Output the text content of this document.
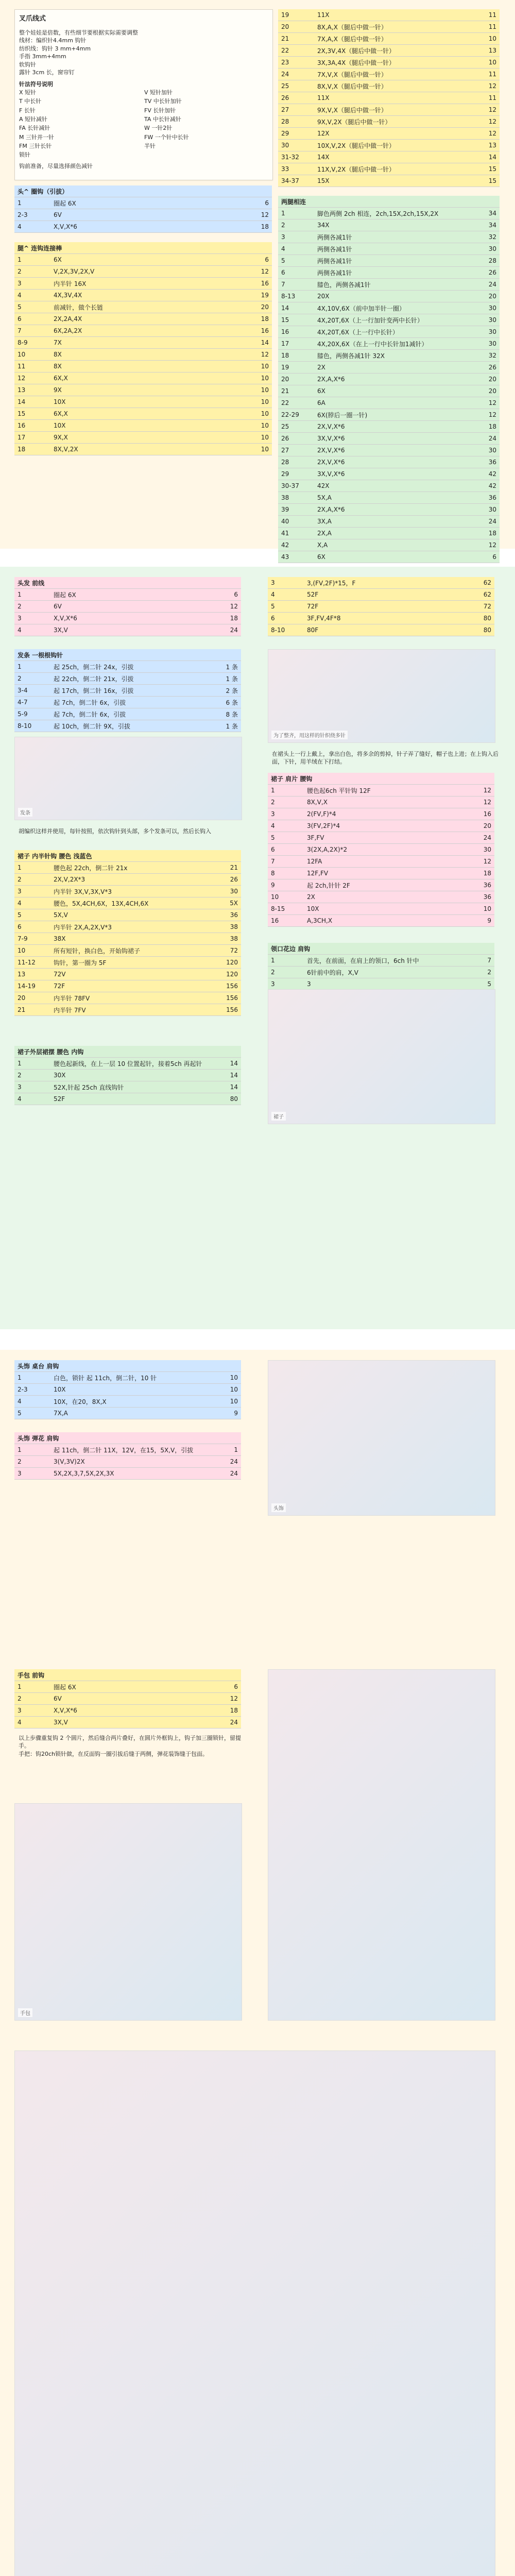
叉爪线式
整个娃娃是倍数，有些细节要根据实际需要调整
线材：编织针4.4mm 钩针
纺织线：钩针 3 mm+4mm
手指 3mm+4mm
软钩针
露针 3cm 长，窗帘钉
针法符号说明
X 短针	V 短针加针
T 中长针	TV 中长针加针
F 长针	FV 长针加针
A 短针减针	TA 中长针减针
FA 长针减针	W 一针2针
M 三针并一针	FW 一个针中长针
FM 三针长针	半针
锁针
钩前准备，尽量选择颜色减针
头^ 圈钩（引拔）
1	圈起 6X	6
2-3	6V	12
4	X,V,X*6	18
腿^ 连钩连接棒
1	6X	6
2	V,2X,3V,2X,V	12
3	内半针 16X	16
4	4X,3V,4X	19
5	前减针，做个长链	20
6	2X,2A,4X	18
7	6X,2A,2X	16
8-9	7X	14
10	8X	12
11	8X	10
12	6X,X	10
13	9X	10
14	10X	10
15	6X,X	10
16	10X	10
17	9X,X	10
18	8X,V,2X	10
19	11X	11
20	8X,A,X（腿后中做一针）	11
21	7X,A,X（腿后中做一针）	10
22	2X,3V,4X（腿后中做一针）	13
23	3X,3A,4X（腿后中做一针）	10
24	7X,V,X（腿后中做一针）	11
25	8X,V,X（腿后中做一针）	12
26	11X	11
27	9X,V,X（腿后中做一针）	12
28	9X,V,2X（腿后中做一针）	12
29	12X	12
30	10X,V,2X（腿后中做一针）	13
31-32	14X	14
33	11X,V,2X（腿后中做一针）	15
34-37	15X	15
两腿相连
1	脚色两侧 2ch 相连，2ch,15X,2ch,15X,2X	34
2	34X	34
3	两侧各减1针	32
4	两侧各减1针	30
5	两侧各减1针	28
6	两侧各减1针	26
7	膝色，两侧各减1针	24
8-13	20X	20
14	4X,10V,6X（前中加半针一圈）	30
15	4X,20T,6X（上一行加针变两中长针）	30
16	4X,20T,6X（上一行中长针）	30
17	4X,20X,6X（在上一行中长针加1减针）	30
18	膝色，两侧各减1针 32X	32
19	2X	26
20	2X,A,X*6	20
21	6X	20
22	6A	12
22-29	6X(脖后一圈一针)	12
25	2X,V,X*6	18
26	3X,V,X*6	24
27	2X,V,X*6	30
28	2X,V,X*6	36
29	3X,V,X*6	42
30-37	42X	42
38	5X,A	36
39	2X,A,X*6	30
40	3X,A	24
41	2X,A	18
42	X,A	12
43	6X	6
头发 前线
1	圈起 6X	6
2	6V	12
3	X,V,X*6	18
4	3X,V	24
发条 一根根钩针
1	起 25ch，倒二针 24x，引拔	1 条
2	起 22ch，倒二针 21x，引拔	1 条
3-4	起 17ch，倒二针 16x，引拔	2 条
4-7	起 7ch，倒二针 6x，引拔	6 条
5-9	起 7ch，倒二针 6x，引拔	8 条
8-10	起 10ch，倒二针 9X，引拔	1 条
发条
胡编织这样并使用，每针按照，依次钩针到头部，多个发条可以，然后长钩入
裙子 内半针钩 腰色 浅蓝色
1	腰色起 22ch，倒二针 21x	21
2	2X,V,2X*3	26
3	内半针 3X,V,3X,V*3	30
4	腰色，5X,4CH,6X，13X,4CH,6X	5X
5	5X,V	36
6	内半针 2X,A,2X,V*3	38
7-9	38X	38
10	所有短针，换白色，开始钩裙子	72
11-12	钩针，第一圈为 5F	120
13	72V	120
14-19	72F	156
20	内半针 78FV	156
21	内半针 7FV	156
裙子外层裙摆 腰色 内钩
1	腰色起新线，在上一层 10 位置起针，接着5ch 再起针	14
2	30X	14
3	52X,针起 25ch 直线钩针	14
4	52F	80
3	3,(FV,2F)*15，F	62
4	52F	62
5	72F	72
6	3F,FV,4F*8	80
8-10	80F	80
为了整齐，用这样的针织绕多针
在裙头上一行上戴上，拿出白色，将多余的剪掉，针子弄了缝好，帽子也上进；在上钩入后面，下针，用羊绒在下打结。
裙子 肩片 腰钩
1	腰色起6ch 平针钩 12F	12
2	8X,V,X	12
3	2(FV,F)*4	16
4	3(FV,2F)*4	20
5	3F,FV	24
6	3(2X,A,2X)*2	30
7	12FA	12
8	12F,FV	18
9	起 2ch,针针 2F	36
10	2X	36
8-15	10X	10
16	A,3CH,X	9
领口花边 肩钩
1	首先，在前面，在肩上的领口，6ch 针中	7
2	6针前中的肩，X,V	2
3	3	5
裙子
头饰 桌台 肩钩
1	白色，锁针 起 11ch，倒二针，10 针	10
2-3	10X	10
4	10X，在20，8X,X	10
5	7X,A	9
头饰 弹花 肩钩
1	起 11ch，倒二针 11X，12V，在15，5X,V，引拔	1
2	3(V,3V)2X	24
3	5X,2X,3,7,5X,2X,3X	24
头饰
手包 前钩
1	圈起 6X	6
2	6V	12
3	X,V,X*6	18
4	3X,V	24
以上步骤重复钩 2 个圆片，然后缝合两片叠好，在圆片外框钩上，钩子加三圈锁针，留提手。
手把：钩20ch锁针做，在反面钩一圈引拔后缝于两侧，弹花装饰缝于包面。
手包
